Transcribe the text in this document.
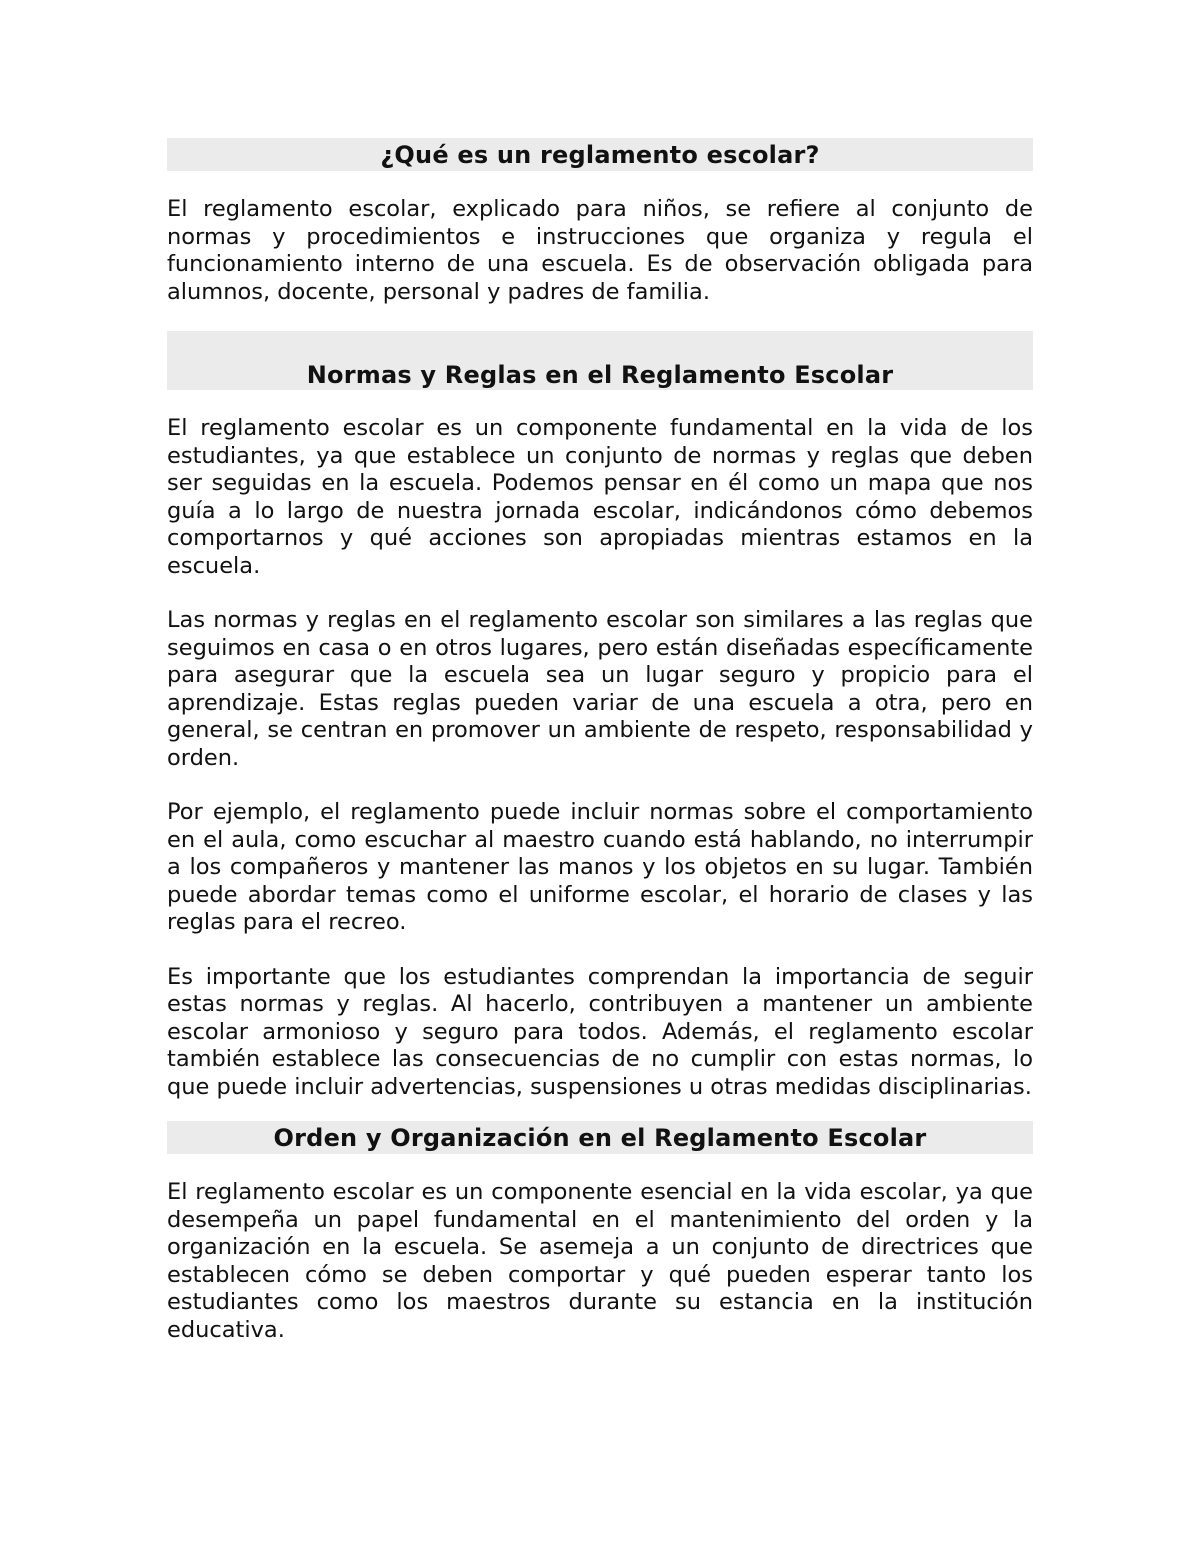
¿Qué es un reglamento escolar?

El reglamento escolar, explicado para niños, se refiere al conjunto de normas y procedimientos e instrucciones que organiza y regula el funcionamiento interno de una escuela. Es de observación obligada para alumnos, docente, personal y padres de familia.

Normas y Reglas en el Reglamento Escolar

El reglamento escolar es un componente fundamental en la vida de los estudiantes, ya que establece un conjunto de normas y reglas que deben ser seguidas en la escuela. Podemos pensar en él como un mapa que nos guía a lo largo de nuestra jornada escolar, indicándonos cómo debemos comportarnos y qué acciones son apropiadas mientras estamos en la escuela.

Las normas y reglas en el reglamento escolar son similares a las reglas que seguimos en casa o en otros lugares, pero están diseñadas específicamente para asegurar que la escuela sea un lugar seguro y propicio para el aprendizaje. Estas reglas pueden variar de una escuela a otra, pero en general, se centran en promover un ambiente de respeto, responsabilidad y orden.

Por ejemplo, el reglamento puede incluir normas sobre el comportamiento en el aula, como escuchar al maestro cuando está hablando, no interrumpir a los compañeros y mantener las manos y los objetos en su lugar. También puede abordar temas como el uniforme escolar, el horario de clases y las reglas para el recreo.

Es importante que los estudiantes comprendan la importancia de seguir estas normas y reglas. Al hacerlo, contribuyen a mantener un ambiente escolar armonioso y seguro para todos. Además, el reglamento escolar también establece las consecuencias de no cumplir con estas normas, lo que puede incluir advertencias, suspensiones u otras medidas disciplinarias.

Orden y Organización en el Reglamento Escolar

El reglamento escolar es un componente esencial en la vida escolar, ya que desempeña un papel fundamental en el mantenimiento del orden y la organización en la escuela. Se asemeja a un conjunto de directrices que establecen cómo se deben comportar y qué pueden esperar tanto los estudiantes como los maestros durante su estancia en la institución educativa.
